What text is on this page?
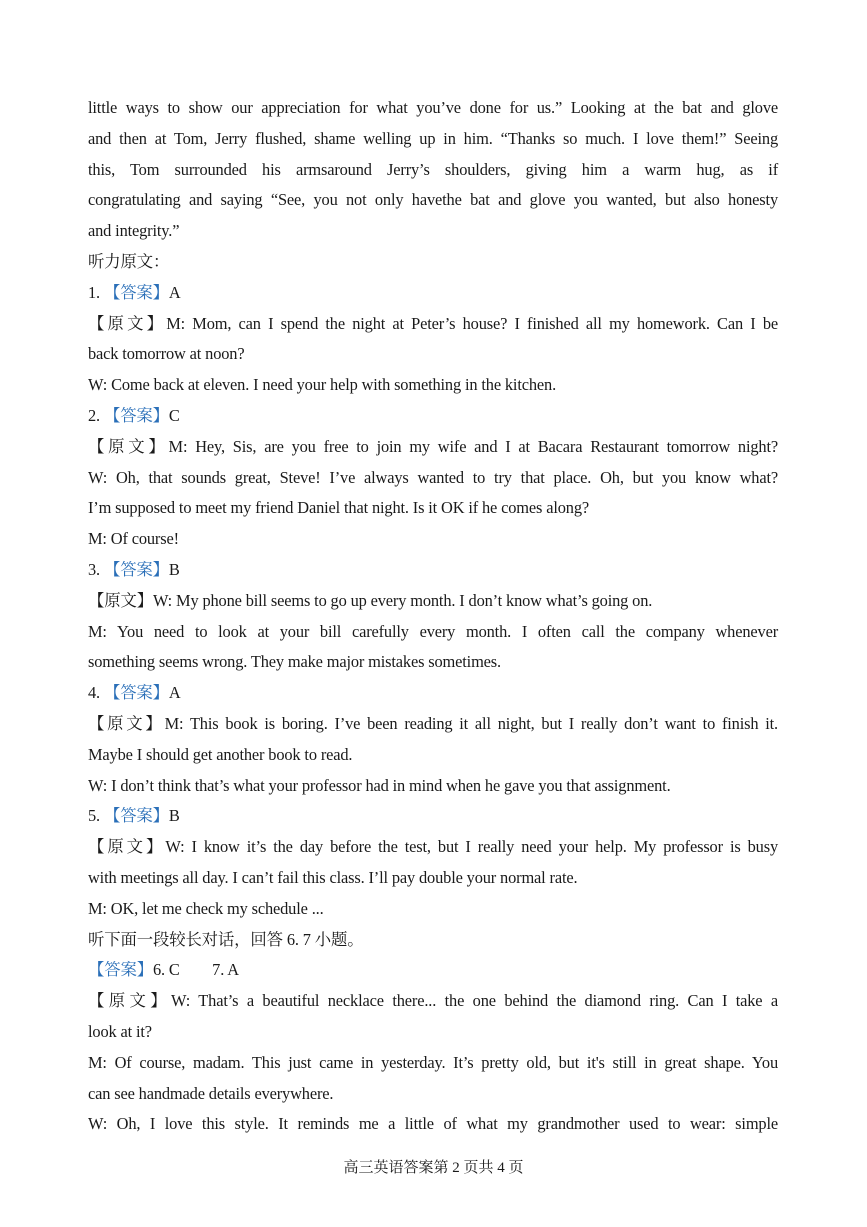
little ways to show our appreciation for what you’ve done for us.” Looking at the bat and glove
and then at Tom, Jerry flushed, shame welling up in him. “Thanks so much. I love them!” Seeing
this, Tom surrounded his armsaround Jerry’s shoulders, giving him a warm hug, as if
congratulating and saying “See, you not only havethe bat and glove you wanted, but also honesty
and integrity.”
听力原文：
1. 【答案】A
【原文】M: Mom, can I spend the night at Peter’s house? I finished all my homework. Can I be
back tomorrow at noon?
W: Come back at eleven. I need your help with something in the kitchen.
2. 【答案】C
【原文】M: Hey, Sis, are you free to join my wife and I at Bacara Restaurant tomorrow night?
W: Oh, that sounds great, Steve! I’ve always wanted to try that place. Oh, but you know what?
I’m supposed to meet my friend Daniel that night. Is it OK if he comes along?
M: Of course!
3. 【答案】B
【原文】W: My phone bill seems to go up every month. I don’t know what’s going on.
M: You need to look at your bill carefully every month. I often call the company whenever
something seems wrong. They make major mistakes sometimes.
4. 【答案】A
【原文】M: This book is boring. I’ve been reading it all night, but I really don’t want to finish it.
Maybe I should get another book to read.
W: I don’t think that’s what your professor had in mind when he gave you that assignment.
5. 【答案】B
【原文】W: I know it’s the day before the test, but I really need your help. My professor is busy
with meetings all day. I can’t fail this class. I’ll pay double your normal rate.
M: OK, let me check my schedule ...
听下面一段较长对话，回答 6. 7 小题。
【答案】6. C　　7. A
【原文】W: That’s a beautiful necklace there... the one behind the diamond ring. Can I take a
look at it?
M: Of course, madam. This just came in yesterday. It’s pretty old, but it's still in great shape. You
can see handmade details everywhere.
W: Oh, I love this style. It reminds me a little of what my grandmother used to wear: simple
高三英语答案第 2 页共 4 页
